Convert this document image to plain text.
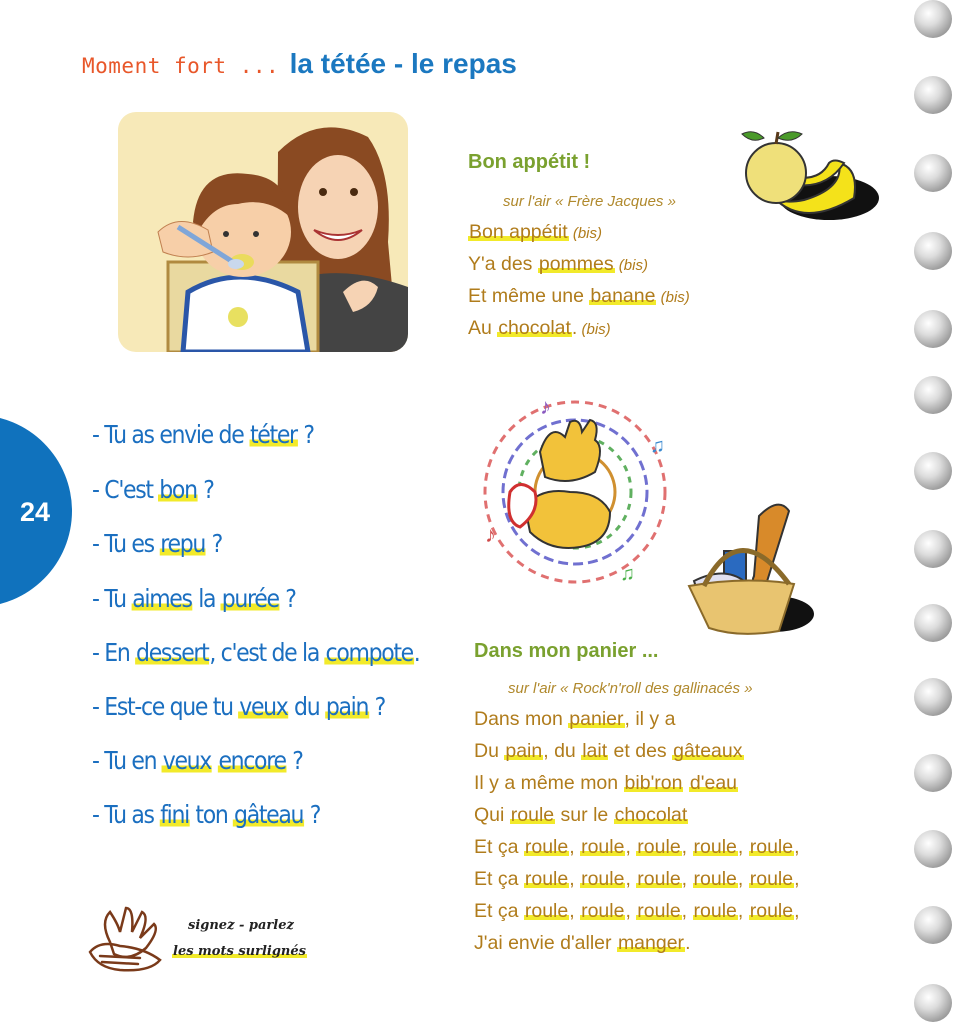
Moment fort ... la tétée - le repas
24
Bon appétit !
sur l'air « Frère Jacques »
Bon appétit (bis)
Y'a des pommes (bis)
Et même une banane (bis)
Au chocolat. (bis)
♪
♫
♪
♫
- Tu as envie de téter ?
- C'est bon ?
- Tu es repu ?
- Tu aimes la purée ?
- En dessert, c'est de la compote.
- Est-ce que tu veux du pain ?
- Tu en veux encore ?
- Tu as fini ton gâteau ?
Dans mon panier ...
sur l'air « Rock'n'roll des gallinacés »
Dans mon panier, il y a
Du pain, du lait et des gâteaux
Il y a même mon bib'ron d'eau
Qui roule sur le chocolat
Et ça roule, roule, roule, roule, roule,
Et ça roule, roule, roule, roule, roule,
Et ça roule, roule, roule, roule, roule,
J'ai envie d'aller manger.
signez - parlez
les mots surlignés
